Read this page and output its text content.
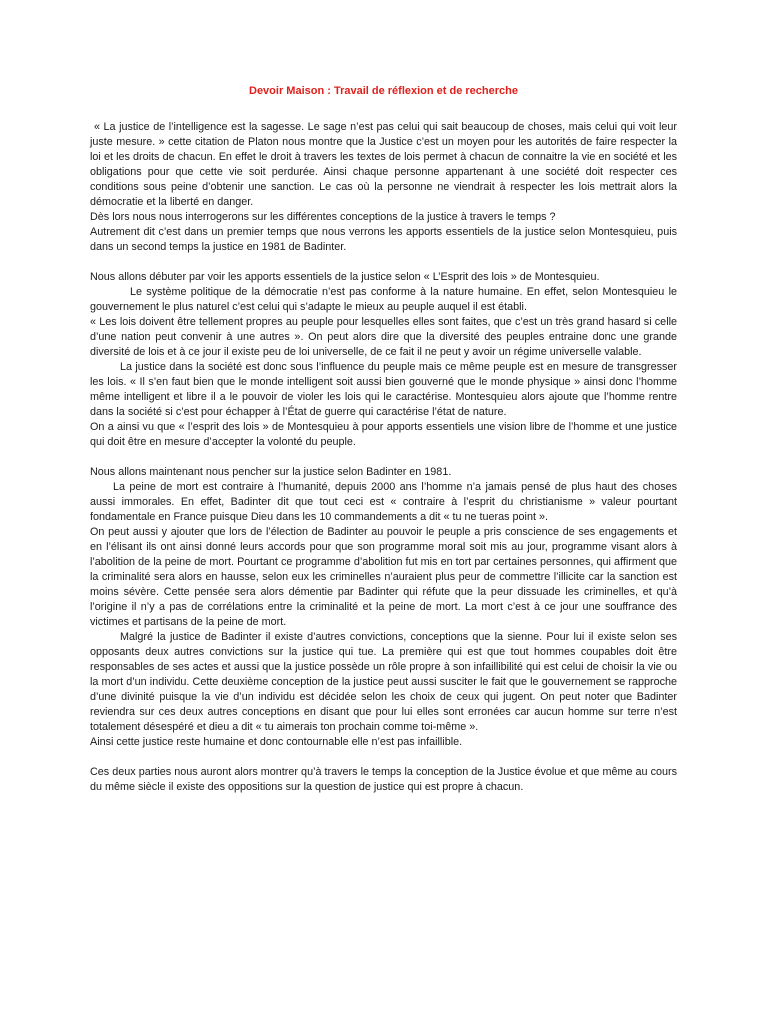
Devoir Maison : Travail de réflexion et de recherche

« La justice de l’intelligence est la sagesse. Le sage n’est pas celui qui sait beaucoup de choses, mais celui qui voit leur juste mesure. » cette citation de Platon nous montre que la Justice c’est un moyen pour les autorités de faire respecter la loi et les droits de chacun. En effet le droit à travers les textes de lois permet à chacun de connaitre la vie en société et les obligations pour que cette vie soit perdurée. Ainsi chaque personne appartenant à une société doit respecter ces conditions sous peine d’obtenir une sanction. Le cas où la personne ne viendrait à respecter les lois mettrait alors la démocratie et la liberté en danger.

Dès lors nous nous interrogerons sur les différentes conceptions de la justice à travers le temps ?

Autrement dit c’est dans un premier temps que nous verrons les apports essentiels de la justice selon Montesquieu, puis dans un second temps la justice en 1981 de Badinter.

Nous allons débuter par voir les apports essentiels de la justice selon « L’Esprit des lois » de Montesquieu.

Le système politique de la démocratie n’est pas conforme à la nature humaine. En effet, selon Montesquieu le gouvernement le plus naturel c’est celui qui s’adapte le mieux au peuple auquel il est établi.

« Les lois doivent être tellement propres au peuple pour lesquelles elles sont faites, que c’est un très grand hasard si celle d’une nation peut convenir à une autres ». On peut alors dire que la diversité des peuples entraine donc une grande diversité de lois et à ce jour il existe peu de loi universelle, de ce fait il ne peut y avoir un régime universelle valable.

La justice dans la société est donc sous l’influence du peuple mais ce même peuple est en mesure de transgresser les lois. « Il s’en faut bien que le monde intelligent soit aussi bien gouverné que le monde physique » ainsi donc l’homme même intelligent et libre il a le pouvoir de violer les lois qui le caractérise. Montesquieu alors ajoute que l’homme rentre dans la société si c’est pour échapper à l’État de guerre qui caractérise l’état de nature.

On a ainsi vu que « l’esprit des lois » de Montesquieu à pour apports essentiels une vision libre de l’homme et une justice qui doit être en mesure d’accepter la volonté du peuple.

Nous allons maintenant nous pencher sur la justice selon Badinter en 1981.

La peine de mort est contraire à l’humanité, depuis 2000 ans l’homme n’a jamais pensé de plus haut des choses aussi immorales. En effet, Badinter dit que tout ceci est « contraire à l’esprit du christianisme » valeur pourtant fondamentale en France puisque Dieu dans les 10 commandements a dit « tu ne tueras point ».

On peut aussi y ajouter que lors de l’élection de Badinter au pouvoir le peuple a pris conscience de ses engagements et en l’élisant ils ont ainsi donné leurs accords pour que son programme moral soit mis au jour, programme visant alors à l’abolition de la peine de mort. Pourtant ce programme d’abolition fut mis en tort par certaines personnes, qui affirment que la criminalité sera alors en hausse, selon eux les criminelles n’auraient plus peur de commettre l’illicite car la sanction est moins sévère. Cette pensée sera alors démentie par Badinter qui réfute que la peur dissuade les criminelles, et qu’à l’origine il n’y a pas de corrélations entre la criminalité et la peine de mort. La mort c’est à ce jour une souffrance des victimes et partisans de la peine de mort.

Malgré la justice de Badinter il existe d’autres convictions, conceptions que la sienne. Pour lui il existe selon ses opposants deux autres convictions sur la justice qui tue. La première qui est que tout hommes coupables doit être responsables de ses actes et aussi que la justice possède un rôle propre à son infaillibilité qui est celui de choisir la vie ou la mort d’un individu. Cette deuxième conception de la justice peut aussi susciter le fait que le gouvernement se rapproche d’une divinité puisque la vie d’un individu est décidée selon les choix de ceux qui jugent. On peut noter que Badinter reviendra sur ces deux autres conceptions en disant que pour lui elles sont erronées car aucun homme sur terre n’est totalement désespéré et dieu a dit « tu aimerais ton prochain comme toi-même ».

Ainsi cette justice reste humaine et donc contournable elle n’est pas infaillible.

Ces deux parties nous auront alors montrer qu’à travers le temps la conception de la Justice évolue et que même au cours du même siècle il existe des oppositions sur la question de justice qui est propre à chacun.
